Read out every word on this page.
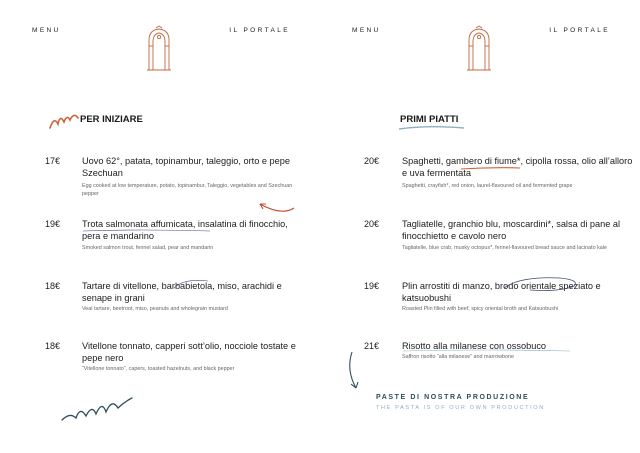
MENU	IL PORTALE
PER INIZIARE
17€ Uovo 62°, patata, topinambur, taleggio, orto e pepe Szechuan
Egg cooked at low temperature, potato, topinambur, Taleggio, vegetables and Szechuan pepper
19€ Trota salmonata affumicata, insalatina di finocchio, pera e mandarino
Smoked salmon trout, fennel salad, pear and mandarin
18€ Tartare di vitellone, barbabietola, miso, arachidi e senape in grani
Veal tartare, beetroot, miso, peanuts and wholegrain mustard
18€ Vitellone tonnato, capperi sott’olio, nocciole tostate e pepe nero
“Vitellone tonnato”, capers, toasted hazelnuts, and black pepper
MENU	IL PORTALE
PRIMI PIATTI
20€ Spaghetti, gambero di fiume*, cipolla rossa, olio all’alloro e uva fermentata
Spaghetti, crayfish*, red onion, laurel-flavoured oil and fermented grape
20€ Tagliatelle, granchio blu, moscardini*, salsa di pane al finocchietto e cavolo nero
Tagliatelle, blue crab, musky octopus*, fennel-flavoured bread sauce and lacinato kale
19€ Plin arrostiti di manzo, brodo orientale speziato e katsuobushi
Roasted Plin filled with beef, spicy oriental broth and Katsuobushi
21€ Risotto alla milanese con ossobuco
Saffron risotto “alla milanese” and marrowbone
PASTE DI NOSTRA PRODUZIONE
THE PASTA IS OF OUR OWN PRODUCTION
